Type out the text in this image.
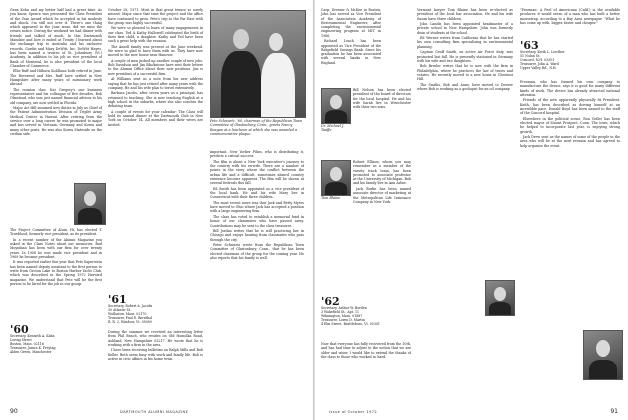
Gene Kohn and my better half had a great time. As you know, Spence was presented the Class President of the Year Award which he accepted in his modesty and shock. I'm still not over it. There's one thing which appeared in the June issue, did we miss the return notice. During the weekend we had dinner with friends and talked of much. In this Dartmouth Mandate and how it ended at Trinity I learned about the exchange trip to Australia and his exclusive records. Gordie and Mary DeWitt, Inc. DeWitt Hayes, has been named a trustee of St. Johnsbury (Vt.) Academy. In addition to his job as vice president of Bank of Montreal, he is also president of the local Chamber of Commerce.

Ellie Ruff and Hilburn Kohlhaas both retired in June. The Reverend and Mrs. Ruff have settled in New Hampshire after many years of missionary work abroad.

The reunion clan: Nat Gregory's one business representative and his colleague of five decades, Bob Olmstead, who was just named financial advisor to his old company, are now settled in Florida.

Major Art Hill assumed new duties in July as Chief of the Patient Administration Division of Triplet Army Medical Center in Hawaii. After retiring from the service over a long career he was promoted to major and has served in Vietnam, Germany and Korea and many other posts. He was also Korea Stateside on the civilian side.

The Project Committee of Alum. Hi, has elected T. Trueblood, formerly vice president, as its president.

In a recent number of the Alumni Magazine you asked in the Class Notes about our memories, Bud Moynihan has been with our firm for over twenty years. In 1958 he was made vice president and in 1969 he became president.

It was reported earlier this year that Pete Saperstein has been named deputy assistant to the first person to write from Groton Lake to Boston Harbor Yacht Club, which was described in the Spring 1972 Harvard magazine. We understand that Pete will be the first person to be hired for the job in our group.

'60
Secretary, Kenneth A. Kahn
Loring Street
Boston, Mass. 02116
Treasurer, James K. Freytag
Alden Green, Manchester

October 28, 1971. Most in that great tenure so sorely missed. Major since that time the project and the office have continued to grow. Pete's trip to the Far East with the group was highly successful.

We were so pleased to learn of many engagements in our class. Ted & Kathy Hallowell celebrated the birth of their first child, a daughter. Kathy and Ted have been such a great help with the reunion.

The Ansell family was present at the June weekend. We were so glad to have them with us. They have now moved to the new house near Hanover.

A couple of men picked up another couple of new jobs. Bob Davidson and Jim Blackstone have sent their letters to the Alumni Office about their new positions. Jim is now president of a successful firm.

Al Williams sent us a note from his new address saying that he has just retired after many years with the company. He and his wife plan to travel extensively.

Barbara Jacobs, after seven years as a principal, has returned to teaching. She is now teaching English at a high school in the suburbs, where she also coaches the debating team.

A couple of events for your calendar: The Class will hold its annual dinner at the Dartmouth Club in New York on October 14. All members and their wives are invited.

'61
Secretary, Robert A. Jacobs
30 Atlantic St.
Wollaston, Mass. 02170
Treasurer, Paul E. Bernthal
R. R. 2, Windsor, Vt. 05089

During the summer we received an interesting letter from Phil Beach, who resides on Old Homolka Road, Ashland, New Hampshire 03217. He wrote that he is working with a firm in the area.

I have been receiving bulletins on Ralph Mills and Bob Keller. Both seem busy with work and family life. Bob is active in civic affairs in his home town.

Pete Schwartz, '60, chairman of the Republican Town Committee of Glastonbury, Conn., greets Nancy Reagan at a luncheon at which she was awarded a commemorative plaque.

important. New Yorker Films, who is distributing it, predicts a critical success.

The film is about a New York executive's journey to the country with his ex-wife. There are a number of points in the story where the conflict between the urban life and a difficult, sometimes absurd country existence become apparent. The film will be shown at several festivals this fall.

Ed Smith has been appointed as a vice president of the local bank. He and his wife Mary live in Connecticut with their three children.

The most recent news was that Jack and Betty Myers have moved to Ohio where Jack has accepted a position with a large engineering firm.

The class has voted to establish a memorial fund in honor of our classmates who have passed away. Contributions may be sent to the class treasurer.

Bill Jordan writes that he is still practicing law in Chicago and enjoys hearing from classmates who pass through the city.

Peter Schwartz wrote from the Republican Town Committee of Glastonbury, Conn., that he has been elected chairman of the group for the coming year. He also reports that his family is well.

90	DARTMOUTH ALUMNI MAGAZINE

Carp, Dresser & McKee in Boston, John has served as Vice President of the Association Academy of Environmental Engineers, after completing the environmental engineering program at MIT in 1966.

Richard Leach has been appointed as Vice President of the Ridgefield Savings Bank. Since his graduation he has been associated with several banks in New England.

Dr. Michael J. Taaffe

Bill Nelson has been elected president of the board of directors for the local hospital. He and his wife Sarah live in Westchester with their two sons.

Tom Blaine

Robert Ellison, whom you may remember as a member of the varsity track team, has been promoted to associate professor at the University of Michigan. Bob and his family live in Ann Arbor.

Jack Burke has been named associate director of marketing at the Metropolitan Life Insurance Company in New York.

'62
Secretary, Arthur W. Borden
3 Wakefield St., Apt. 11
Wilmington, Mass. 01887
Treasurer, Loren D. Martin
4 Elm Street, Brattleboro, Vt. 05301

Now that everyone has fully recovered from the 10th, and has had time to adjust to the notion that we are older and wiser, I would like to extend the thanks of the class to those who worked so hard.

Vermont lawyer Tom Blaine has been re-elected as president of the local bar association. He and his wife Susan have three children.

John Landis has been appointed headmaster of a private school in New Hampshire. John was formerly dean of students at the school.

Ed Werner writes from California that he has started his own consulting firm specializing in environmental planning.

Captain Geoff Smith, on active Air Force duty, was promoted last fall. He is presently stationed in Germany with his wife and two daughters.

Bob Bresler writes that he is now with the firm in Philadelphia, where he practices the law of trusts and estates. He recently moved to a new home in Chestnut Hill.

The Smiths, Bob and Anne, have moved to Denver where Bob is working as a geologist for an oil company.

"Freeman: A Feel of Americana (Calif.) is the available producer, it would seem, of a man who has built a better mousetrap, according to a Bay Area newspaper. "What he has come up with, bigger, faster and cheaper."

'63
Secretary, Keith L. Lowther
51 Nolan St.
Concord, N.H. 03301
Treasurer, John A. Ward
Upper Valley Rd., N.H.

Freeman, who has formed his own company to manufacture the device, says it is good for many different kinds of work. The device has already attracted national attention.

Friends of the new apparently physically fit President, Keith, has been described as driving himself at an incredible pace. Donald Boyd has been named to the staff of the Concord hospital.

Elsewhere in the political scene, Ron Geller has been elected mayor of Mount Prospect, Conn. The town, which he helped to incorporate last year, is enjoying strong growth.

Jack Drew sent us the names of some of the people in the area who will be at the next reunion and has agreed to help organize the event.

Issue of October 1972	91
